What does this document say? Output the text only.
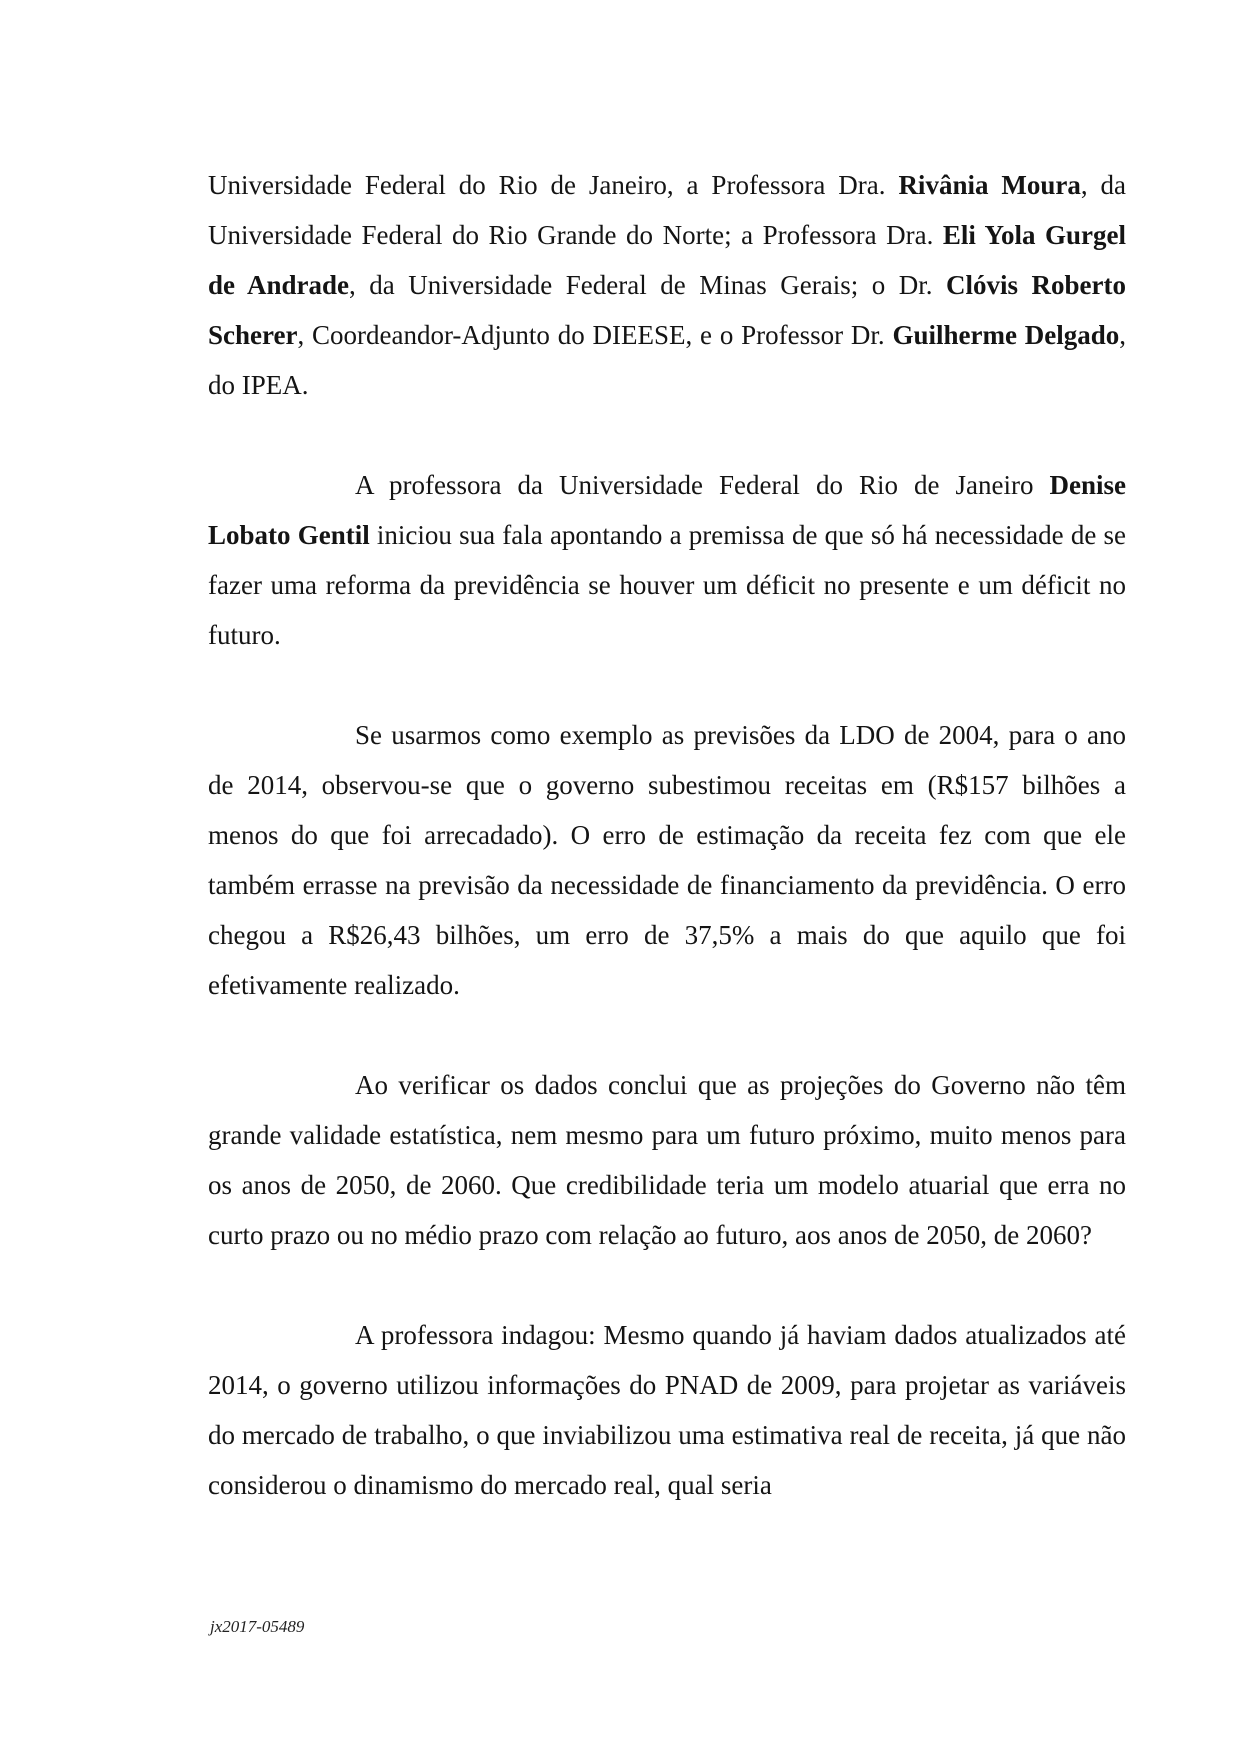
Universidade Federal do Rio de Janeiro, a Professora Dra. Rivânia Moura, da Universidade Federal do Rio Grande do Norte; a Professora Dra. Eli Yola Gurgel de Andrade, da Universidade Federal de Minas Gerais; o Dr. Clóvis Roberto Scherer, Coordeandor-Adjunto do DIEESE, e o Professor Dr. Guilherme Delgado, do IPEA.

A professora da Universidade Federal do Rio de Janeiro Denise Lobato Gentil iniciou sua fala apontando a premissa de que só há necessidade de se fazer uma reforma da previdência se houver um déficit no presente e um déficit no futuro.

Se usarmos como exemplo as previsões da LDO de 2004, para o ano de 2014, observou-se que o governo subestimou receitas em (R$157 bilhões a menos do que foi arrecadado). O erro de estimação da receita fez com que ele também errasse na previsão da necessidade de financiamento da previdência. O erro chegou a R$26,43 bilhões, um erro de 37,5% a mais do que aquilo que foi efetivamente realizado.

Ao verificar os dados conclui que as projeções do Governo não têm grande validade estatística, nem mesmo para um futuro próximo, muito menos para os anos de 2050, de 2060. Que credibilidade teria um modelo atuarial que erra no curto prazo ou no médio prazo com relação ao futuro, aos anos de 2050, de 2060?

A professora indagou: Mesmo quando já haviam dados atualizados até 2014, o governo utilizou informações do PNAD de 2009, para projetar as variáveis do mercado de trabalho, o que inviabilizou uma estimativa real de receita, já que não considerou o dinamismo do mercado real, qual seria

jx2017-05489
